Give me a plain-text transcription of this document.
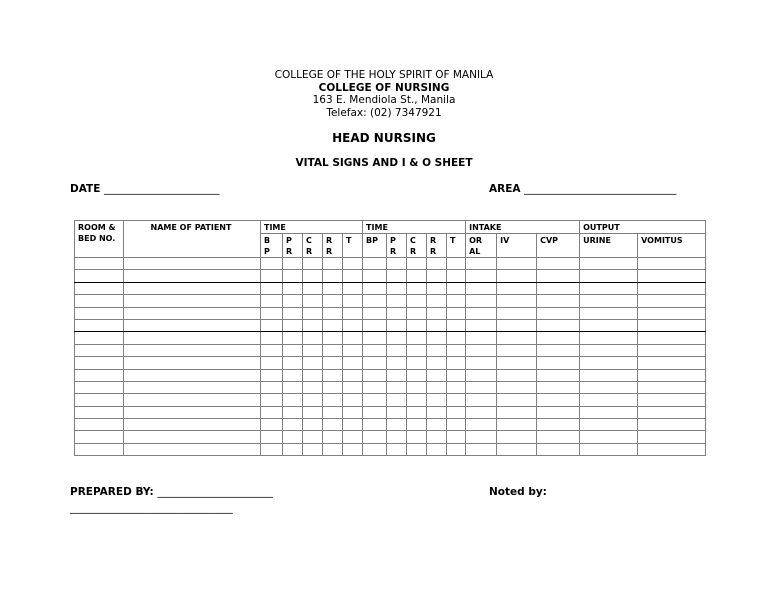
COLLEGE OF THE HOLY SPIRIT OF MANILA
COLLEGE OF NURSING
163 E. Mendiola St., Manila
Telefax: (02) 7347921
HEAD NURSING
VITAL SIGNS AND I & O SHEET
DATE ______________________	AREA _____________________________
ROOM & BED NO.	NAME OF PATIENT	TIME					TIME					INTAKE			OUTPUT	
		BP	PR	CR	RR	T	BP	PR	CR	RR	T	ORAL	IV	CVP	URINE	VOMITUS

PREPARED BY: ______________________	Noted by:
_______________________________
